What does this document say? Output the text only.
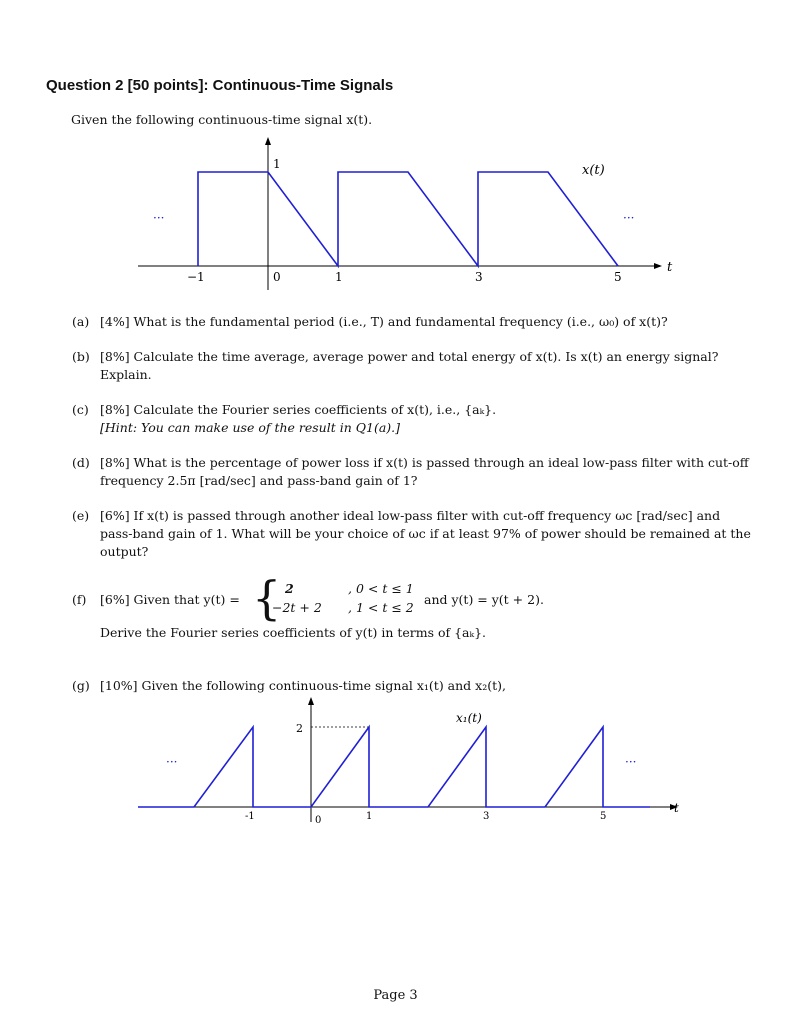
Question 2 [50 points]: Continuous-Time Signals
Given the following continuous-time signal x(t).
1	x(t)
t
···	···
−1	0	1	3	5
(a) [4%] What is the fundamental period (i.e., T) and fundamental frequency (i.e., ω₀) of x(t)?
(b) [8%] Calculate the time average, average power and total energy of x(t). Is x(t) an energy signal? Explain.
(c) [8%] Calculate the Fourier series coefficients of x(t), i.e., {aₖ}.
[Hint: You can make use of the result in Q1(a).]
(d) [8%] What is the percentage of power loss if x(t) is passed through an ideal low-pass filter with cut-off frequency 2.5π [rad/sec] and pass-band gain of 1?
(e) [6%] If x(t) is passed through another ideal low-pass filter with cut-off frequency ωc [rad/sec] and pass-band gain of 1. What will be your choice of ωc if at least 97% of power should be remained at the output?
(f) [6%] Given that y(t) = { 2	, 0 < t ≤ 1
−2t + 2 , 1 < t ≤ 2
and y(t) = y(t + 2).
Derive the Fourier series coefficients of y(t) in terms of {aₖ}.
(g) [10%] Given the following continuous-time signal x₁(t) and x₂(t),
2
x₁(t)
t
···	···
-1	0	1	3	5
Page 3
